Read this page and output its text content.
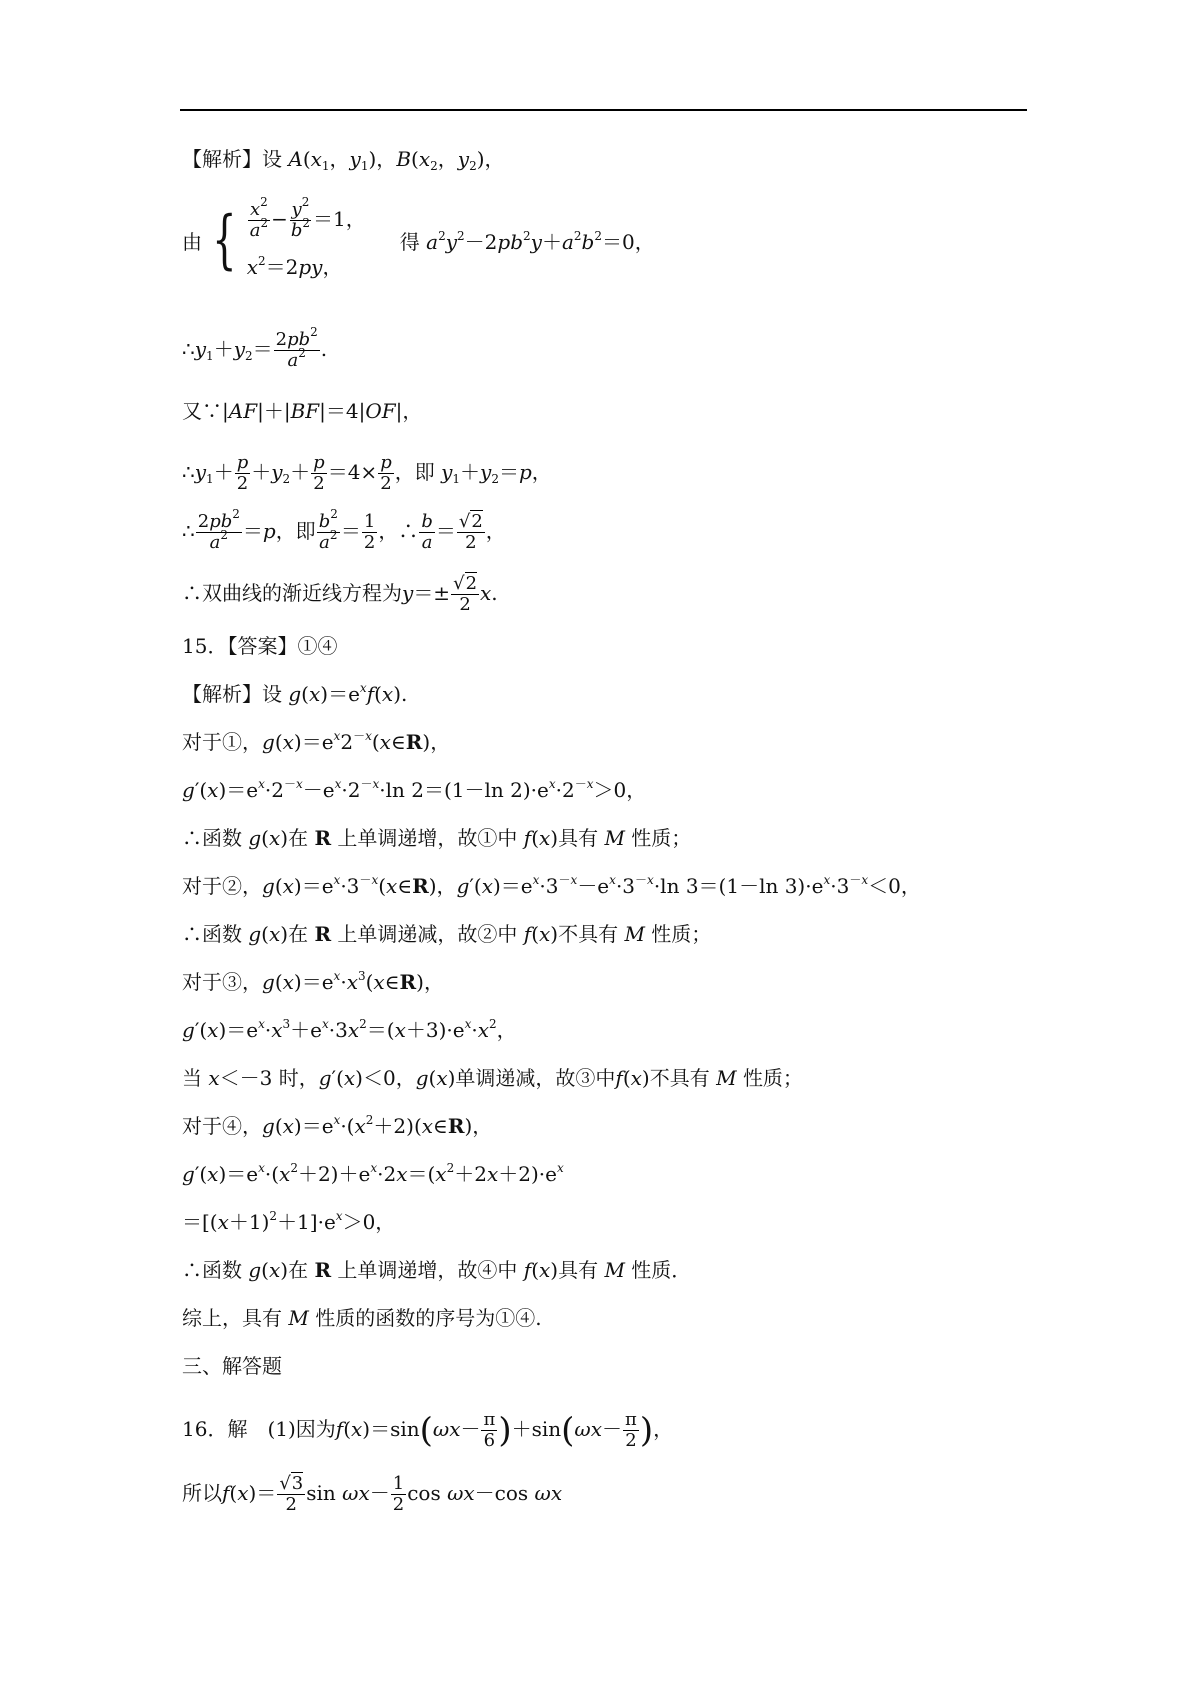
【解析】设 $A(x_1$，$y_1$)，$B(x_2$，$y_2$)，
由 { $\frac{x^2}{a^2} - \frac{y^2}{b^2} =1$，
$x^2=2py$，
得 $a^2y^2-2pb^2y+a^2b^2=0$，
$\therefore y_1+y_2= \frac{2pb^2}{a^2}$ .
又∵|AF|＋|BF|＝4|OF|，
$\therefore y_1+ \frac{p}{2} +y_2+ \frac{p}{2} =4\times \frac{p}{2}$ ，即 $y_1+y_2=p$，
∴ $\frac{2pb^2}{a^2} =p$，即 $\frac{b^2}{a^2} = \frac{1}{2}$ ，∴ $\frac{b}{a} = \frac{√2}{2}$ ，
∴双曲线的渐近线方程为$y=\pm \frac{√2}{2} x$.
15．【答案】①④
【解析】设 $g(x)=e^xf(x)$.
对于①，$g(x)=e^x2^{-x}(x\in R)$，
$g'(x)=e^x\cdot 2^{-x}-e^x\cdot 2^{-x}\cdot\ln$ 2＝(1－ln $2)\cdot e^x\cdot 2^{-x}>0$，
∴函数 g(x)在 R 上单调递增，故①中 f(x)具有 M 性质；
对于②，$g(x)=e^x\cdot 3^{-x}(x\in R)$，$g'(x)=e^x\cdot 3^{-x}-e^x\cdot 3^{-x}\cdot\ln$ 3＝(1－ln $3)\cdot e^x\cdot 3^{-x}<0$，
∴函数 g(x)在 R 上单调递减，故②中 f(x)不具有 M 性质；
对于③，$g(x)=e^x\cdot x^3(x\in R)$，
$g'(x)=e^x\cdot x^3+e^x\cdot 3x^2=(x+3)\cdot e^x\cdot x^2$，
当 x＜－3 时，g′(x)＜0，g(x)单调递减，故③中f(x)不具有 M 性质；
对于④，$g(x)=e^x\cdot(x^2+2)(x\in R)$，
$g'(x)=e^x\cdot(x^2+2)+e^x\cdot 2x=(x^2+2x+2)\cdot e^x$
$=[(x+1)^2+1]\cdot e^x>0$，
∴函数 g(x)在 R 上单调递增，故④中 f(x)具有 M 性质．
综上，具有 M 性质的函数的序号为①④.
三、解答题
16．解　(1)因为$f(x)=\sin(\omega x- \frac{\pi}{6} )+\sin(\omega x- \frac{\pi}{2}$ )，
所以$f(x)= \frac{√3}{2}$ $\sin \omega x- \frac{1}{2}$ cos ωx－cos ωx
